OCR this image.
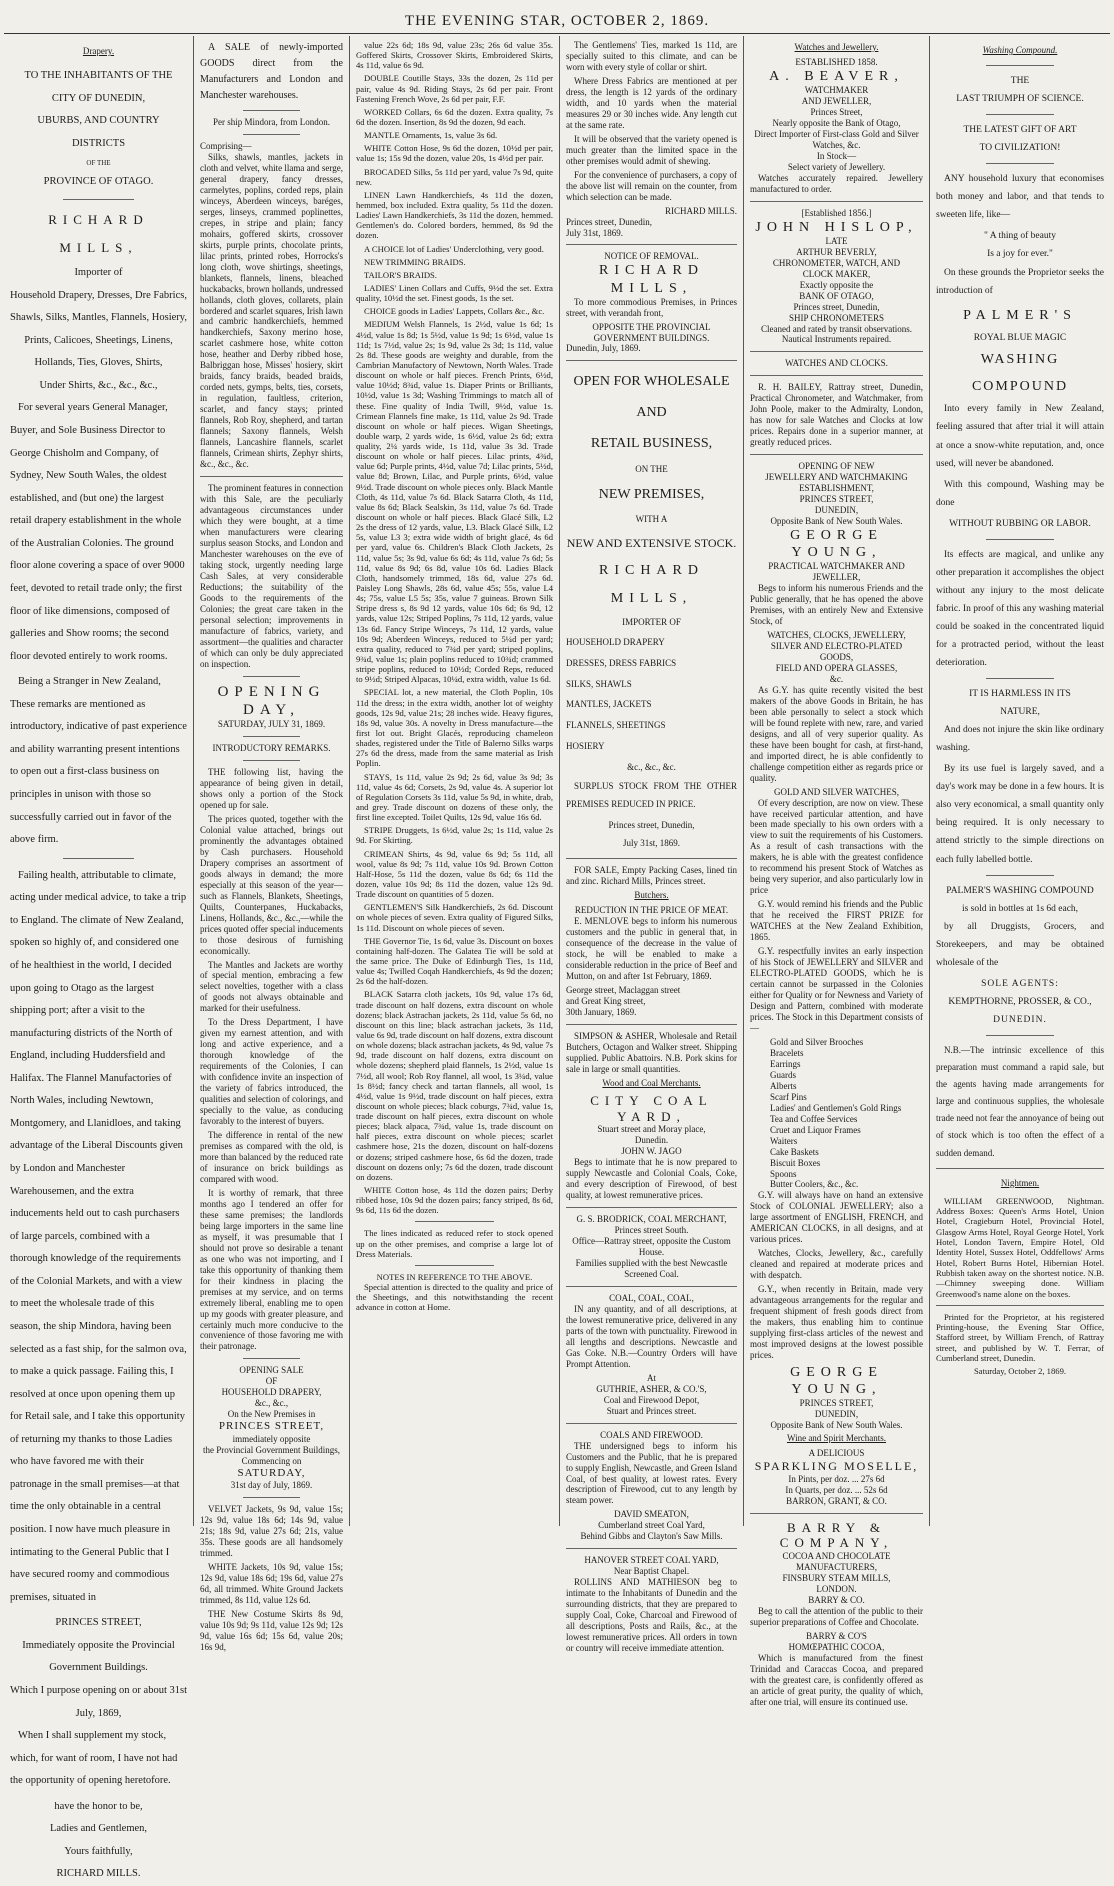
THE EVENING STAR, OCTOBER 2, 1869.
Drapery.
TO THE INHABITANTS OF THE
CITY OF DUNEDIN,
UBURBS, AND COUNTRY DISTRICTS
OF THE
PROVINCE OF OTAGO.
RICHARD MILLS,
Importer of
Household Drapery, Dresses, Dre Fabrics,
Shawls, Silks, Mantles, Flannels, Hosiery,
Prints, Calicoes, Sheetings, Linens,
Hollands, Ties, Gloves, Shirts,
Under Shirts, &c., &c., &c.,
For several years General Manager, Buyer, and Sole Business Director to George Chisholm and Company, of Sydney, New South Wales, the oldest established, and (but one) the largest retail drapery establishment in the whole of the Australian Colonies. The ground floor alone covering a space of over 9000 feet, devoted to retail trade only; the first floor of like dimensions, composed of galleries and Show rooms; the second floor devoted entirely to work rooms.
Being a Stranger in New Zealand, These remarks are mentioned as introductory, indicative of past experience and ability warranting present intentions to open out a first-class business on principles in unison with those so successfully carried out in favor of the above firm.
Failing health, attributable to climate, acting under medical advice, to take a trip to England. The climate of New Zealand, spoken so highly of, and considered one of he healthiest in the world, I decided upon going to Otago as the largest shipping port; after a visit to the manufacturing districts of the North of England, including Huddersfield and Halifax. The Flannel Manufactories of North Wales, including Newtown, Montgomery, and Llanidloes, and taking advantage of the Liberal Discounts given by London and Manchester Warehousemen, and the extra inducements held out to cash purchasers of large parcels, combined with a thorough knowledge of the requirements of the Colonial Markets, and with a view to meet the wholesale trade of this season, the ship Mindora, having been selected as a fast ship, for the salmon ova, to make a quick passage. Failing this, I resolved at once upon opening them up for Retail sale, and I take this opportunity of returning my thanks to those Ladies who have favored me with their patronage in the small premises—at that time the only obtainable in a central position. I now have much pleasure in intimating to the General Public that I have secured roomy and commodious premises, situated in
PRINCES STREET,
Immediately opposite the Provincial Government Buildings.
Which I purpose opening on or about 31st July, 1869,
When I shall supplement my stock, which, for want of room, I have not had the opportunity of opening heretofore.
have the honor to be,
Ladies and Gentlemen,
Yours faithfully,
RICHARD MILLS.
A SALE of newly-imported GOODS direct from the Manufacturers and London and Manchester warehouses.
Per ship Mindora, from London.
Comprising—
Silks, shawls, mantles, jackets in cloth and velvet, white llama and serge, general drapery, fancy dresses, carmelytes, poplins, corded reps, plain winceys, Aberdeen winceys, baréges, serges, linseys, crammed poplinettes, crepes, in stripe and plain; fancy mohairs, goffered skirts, crossover skirts, purple prints, chocolate prints, lilac prints, printed robes, Horrocks's long cloth, wove shirtings, sheetings, blankets, flannels, linens, bleached huckabacks, brown hollands, undressed hollands, cloth gloves, collarets, plain bordered and scarlet squares, Irish lawn and cambric handkerchiefs, hemmed handkerchiefs, Saxony merino hose, scarlet cashmere hose, white cotton hose, heather and Derby ribbed hose, Balbriggan hose, Misses' hosiery, skirt braids, fancy braids, beaded braids, corded nets, gymps, belts, ties, corsets, in regulation, faultless, criterion, scarlet, and fancy stays; printed flannels, Rob Roy, shepherd, and tartan flannels; Saxony flannels, Welsh flannels, Lancashire flannels, scarlet flannels, Crimean shirts, Zephyr shirts, &c., &c., &c.
The prominent features in connection with this Sale, are the peculiarly advantageous circumstances under which they were bought, at a time when manufacturers were clearing surplus season Stocks, and London and Manchester warehouses on the eve of taking stock, urgently needing large Cash Sales, at very considerable Reductions; the suitability of the Goods to the requirements of the Colonies; the great care taken in the personal selection; improvements in manufacture of fabrics, variety, and assortment—the qualities and character of which can only be duly appreciated on inspection.
OPENING DAY,
SATURDAY, JULY 31, 1869.
INTRODUCTORY REMARKS.
THE following list, having the appearance of being given in detail, shows only a portion of the Stock opened up for sale.
The prices quoted, together with the Colonial value attached, brings out prominently the advantages obtained by Cash purchasers. Household Drapery comprises an assortment of goods always in demand; the more especially at this season of the year—such as Flannels, Blankets, Sheetings, Quilts, Counterpanes, Huckabacks, Linens, Hollands, &c., &c.,—while the prices quoted offer special inducements to those desirous of furnishing economically.
The Mantles and Jackets are worthy of special mention, embracing a few select novelties, together with a class of goods not always obtainable and marked for their usefulness.
To the Dress Department, I have given my earnest attention, and with long and active experience, and a thorough knowledge of the requirements of the Colonies, I can with confidence invite an inspection of the variety of fabrics introduced, the qualities and selection of colorings, and specially to the value, as conducing favorably to the interest of buyers.
The difference in rental of the new premises as compared with the old, is more than balanced by the reduced rate of insurance on brick buildings as compared with wood.
It is worthy of remark, that three months ago I tendered an offer for these same premises; the landlords being large importers in the same line as myself, it was presumable that I should not prove so desirable a tenant as one who was not importing, and I take this opportunity of thanking them for their kindness in placing the premises at my service, and on terms extremely liberal, enabling me to open up my goods with greater pleasure, and certainly much more conducive to the convenience of those favoring me with their patronage.
OPENING SALE
OF
HOUSEHOLD DRAPERY,
&c., &c.,
On the New Premises in
PRINCES STREET,
immediately opposite
the Provincial Government Buildings,
Commencing on
SATURDAY,
31st day of July, 1869.
VELVET Jackets, 9s 9d, value 15s; 12s 9d, value 18s 6d; 14s 9d, value 21s; 18s 9d, value 27s 6d; 21s, value 35s. These goods are all handsomely trimmed.
WHITE Jackets, 10s 9d, value 15s; 12s 9d, value 18s 6d; 19s 6d, value 27s 6d, all trimmed. White Ground Jackets trimmed, 8s 11d, value 12s 6d.
THE New Costume Skirts 8s 9d, value 10s 9d; 9s 11d, value 12s 9d; 12s 9d, value 16s 6d; 15s 6d, value 20s; 16s 9d,
value 22s 6d; 18s 9d, value 23s; 26s 6d value 35s. Goffered Skirts, Crossover Skirts, Embroidered Skirts, 4s 11d, value 6s 9d.
DOUBLE Coutille Stays, 33s the dozen, 2s 11d per pair, value 4s 9d. Riding Stays, 2s 6d per pair. Front Fastening French Wove, 2s 6d per pair, F.F.
WORKED Collars, 6s 6d the dozen. Extra quality, 7s 6d the dozen. Insertion, 8s 9d the dozen, 9d each.
MANTLE Ornaments, 1s, value 3s 6d.
WHITE Cotton Hose, 9s 6d the dozen, 10½d per pair, value 1s; 15s 9d the dozen, value 20s, 1s 4½d per pair.
BROCADED Silks, 5s 11d per yard, value 7s 9d, quite new.
LINEN Lawn Handkerchiefs, 4s 11d the dozen, hemmed, box included. Extra quality, 5s 11d the dozen. Ladies' Lawn Handkerchiefs, 3s 11d the dozen, hemmed. Gentlemen's do. Colored borders, hemmed, 8s 9d the dozen.
A CHOICE lot of Ladies' Underclothing, very good.
NEW TRIMMING BRAIDS.
TAILOR'S BRAIDS.
LADIES' Linen Collars and Cuffs, 9½d the set. Extra quality, 10½d the set. Finest goods, 1s the set.
CHOICE goods in Ladies' Lappets, Collars &c., &c.
MEDIUM Welsh Flannels, 1s 2½d, value 1s 6d; 1s 4½d, value 1s 8d; 1s 5½d, value 1s 9d; 1s 6½d, value 1s 11d; 1s 7½d, value 2s; 1s 9d, value 2s 3d; 1s 11d, value 2s 8d. These goods are weighty and durable, from the Cambrian Manufactory of Newtown, North Wales. Trade discount on whole or half pieces. French Prints, 6½d, value 10½d; 8¾d, value 1s. Diaper Prints or Brilliants, 10½d, value 1s 3d; Washing Trimmings to match all of these. Fine quality of India Twill, 9½d, value 1s. Crimean Flannels fine make, 1s 11d, value 2s 9d. Trade discount on whole or half pieces. Wigan Sheetings, double warp, 2 yards wide, 1s 6½d, value 2s 6d; extra quality, 2¼ yards wide, 1s 11d, value 3s 3d. Trade discount on whole or half pieces. Lilac prints, 4¾d, value 6d; Purple prints, 4½d, value 7d; Lilac prints, 5½d, value 8d; Brown, Lilac, and Purple prints, 6½d, value 9½d. Trade discount on whole pieces only. Black Mantle Cloth, 4s 11d, value 7s 6d. Black Satarra Cloth, 4s 11d, value 8s 6d; Black Sealskin, 3s 11d, value 7s 6d. Trade discount on whole or half pieces. Black Glacé Silk, L2 2s the dress of 12 yards, value, L3. Black Glacé Silk, L2 5s, value L3 3; extra wide width of bright glacé, 4s 6d per yard, value 6s. Children's Black Cloth Jackets, 2s 11d, value 5s; 3s 9d, value 6s 6d; 4s 11d, value 7s 6d; 5s 11d, value 8s 9d; 6s 8d, value 10s 6d. Ladies Black Cloth, handsomely trimmed, 18s 6d, value 27s 6d. Paisley Long Shawls, 28s 6d, value 45s; 55s, value L4 4s; 75s, value L5 5s; 35s, value 7 guineas. Brown Silk Stripe dress s, 8s 9d 12 yards, value 10s 6d; 6s 9d, 12 yards, value 12s; Striped Poplins, 7s 11d, 12 yards, value 13s 6d. Fancy Stripe Winceys, 7s 11d, 12 yards, value 10s 9d; Aberdeen Winceys, reduced to 5¼d per yard; extra quality, reduced to 7¾d per yard; striped poplins, 9¾d, value 1s; plain poplins reduced to 10¾d; crammed stripe poplins, reduced to 10½d; Corded Reps, reduced to 9½d; Striped Alpacas, 10¼d, extra width, value 1s 6d.
SPECIAL lot, a new material, the Cloth Poplin, 10s 11d the dress; in the extra width, another lot of weighty goods, 12s 9d, value 21s; 28 inches wide. Heavy figures, 18s 9d, value 30s. A novelty in Dress manufacture—the first lot out. Bright Glacés, reproducing chameleon shades, registered under the Title of Balerno Silks warps 27s 6d the dress, made from the same material as Irish Poplin.
STAYS, 1s 11d, value 2s 9d; 2s 6d, value 3s 9d; 3s 11d, value 4s 6d; Corsets, 2s 9d, value 4s. A superior lot of Regulation Corsets 3s 11d, value 5s 9d, in white, drab, and grey. Trade discount on dozens of these only, the first line excepted. Toilet Quilts, 12s 9d, value 16s 6d.
STRIPE Druggets, 1s 6½d, value 2s; 1s 11d, value 2s 9d. For Skirting.
CRIMEAN Shirts, 4s 9d, value 6s 9d; 5s 11d, all wool, value 8s 9d; 7s 11d, value 10s 9d. Brown Cotton Half-Hose, 5s 11d the dozen, value 8s 6d; 6s 11d the dozen, value 10s 9d; 8s 11d the dozen, value 12s 9d. Trade discount on quantities of 5 dozen.
GENTLEMEN'S Silk Handkerchiefs, 2s 6d. Discount on whole pieces of seven. Extra quality of Figured Silks, 1s 11d. Discount on whole pieces of seven.
THE Governor Tie, 1s 6d, value 3s. Discount on boxes containing half-dozen. The Galatea Tie will be sold at the same price. The Duke of Edinburgh Ties, 1s 11d, value 4s; Twilled Coqah Handkerchiefs, 4s 9d the dozen; 2s 6d the half-dozen.
BLACK Satarra cloth jackets, 10s 9d, value 17s 6d, trade discount on half dozens, extra discount on whole dozens; black Astrachan jackets, 2s 11d, value 5s 6d, no discount on this line; black astrachan jackets, 3s 11d, value 6s 9d, trade discount on half dozens, extra discount on whole dozens; black astrachan jackets, 4s 9d, value 7s 9d, trade discount on half dozens, extra discount on whole dozens; shepherd plaid flannels, 1s 2½d, value 1s 7½d, all wool; Rob Roy flannel, all wool, 1s 3¼d, value 1s 8½d; fancy check and tartan flannels, all wool, 1s 4½d, value 1s 9½d, trade discount on half pieces, extra discount on whole pieces; black coburgs, 7¾d, value 1s, trade discount on half pieces, extra discount on whole pieces; black alpaca, 7¾d, value 1s, trade discount on half pieces, extra discount on whole pieces; scarlet cashmere hose, 21s the dozen, discount on half-dozens or dozens; striped cashmere hose, 6s 6d the dozen, trade discount on dozens only; 7s 6d the dozen, trade discount on dozens.
WHITE Cotton hose, 4s 11d the dozen pairs; Derby ribbed hose, 10s 9d the dozen pairs; fancy striped, 8s 6d, 9s 6d, 11s 6d the dozen.
The lines indicated as reduced refer to stock opened up on the other premises, and comprise a large lot of Dress Materials.
NOTES IN REFERENCE TO THE ABOVE.
Special attention is directed to the quality and price of the Sheetings, and this notwithstanding the recent advance in cotton at Home.
The Gentlemens' Ties, marked 1s 11d, are specially suited to this climate, and can be worn with every style of collar or shirt.
Where Dress Fabrics are mentioned at per dress, the length is 12 yards of the ordinary width, and 10 yards when the material measures 29 or 30 inches wide. Any length cut at the same rate.
It will be observed that the variety opened is much greater than the limited space in the other premises would admit of shewing.
For the convenience of purchasers, a copy of the above list will remain on the counter, from which selection can be made.
RICHARD MILLS.
Princes street, Dunedin,
July 31st, 1869.
NOTICE OF REMOVAL.
RICHARD MILLS,
To more commodious Premises, in Princes street, with verandah front,
OPPOSITE THE PROVINCIAL GOVERNMENT BUILDINGS.
Dunedin, July, 1869.
OPEN FOR WHOLESALE AND
RETAIL BUSINESS,
ON THE
NEW PREMISES,
WITH A
NEW AND EXTENSIVE STOCK.
RICHARD MILLS,
IMPORTER OF
HOUSEHOLD DRAPERY
DRESSES, DRESS FABRICS
SILKS, SHAWLS
MANTLES, JACKETS
FLANNELS, SHEETINGS
HOSIERY
&c., &c., &c.
SURPLUS STOCK FROM THE OTHER PREMISES REDUCED IN PRICE.
Princes street, Dunedin,
July 31st, 1869.
FOR SALE, Empty Packing Cases, lined tin and zinc. Richard Mills, Princes street.
Butchers.
REDUCTION IN THE PRICE OF MEAT.
E. MENLOVE begs to inform his numerous customers and the public in general that, in consequence of the decrease in the value of stock, he will be enabled to make a considerable reduction in the price of Beef and Mutton, on and after 1st February, 1869.
George street, Maclaggan street
and Great King street,
30th January, 1869.
SIMPSON & ASHER, Wholesale and Retail Butchers, Octagon and Walker street. Shipping supplied. Public Abattoirs. N.B. Pork skins for sale in large or small quantities.
Wood and Coal Merchants.
CITY COAL YARD,
Stuart street and Moray place,
Dunedin.
JOHN W. JAGO
Begs to intimate that he is now prepared to supply Newcastle and Colonial Coals, Coke, and every description of Firewood, of best quality, at lowest remunerative prices.
G. S. BRODRICK, COAL MERCHANT,
Princes street South.
Office—Rattray street, opposite the Custom House.
Families supplied with the best Newcastle Screened Coal.
COAL, COAL, COAL,
IN any quantity, and of all descriptions, at the lowest remunerative price, delivered in any parts of the town with punctuality. Firewood in all lengths and descriptions. Newcastle and Gas Coke. N.B.—Country Orders will have Prompt Attention.
At
GUTHRIE, ASHER, & CO.'S,
Coal and Firewood Depot,
Stuart and Princes street.
COALS AND FIREWOOD.
THE undersigned begs to inform his Customers and the Public, that he is prepared to supply English, Newcastle, and Green Island Coal, of best quality, at lowest rates. Every description of Firewood, cut to any length by steam power.
DAVID SMEATON,
Cumberland street Coal Yard,
Behind Gibbs and Clayton's Saw Mills.
HANOVER STREET COAL YARD,
Near Baptist Chapel.
ROLLINS AND MATHIESON beg to intimate to the Inhabitants of Dunedin and the surrounding districts, that they are prepared to supply Coal, Coke, Charcoal and Firewood of all descriptions, Posts and Rails, &c., at the lowest remunerative prices. All orders in town or country will receive immediate attention.
Watches and Jewellery.
ESTABLISHED 1858.
A. BEAVER,
WATCHMAKER
AND JEWELLER,
Princes Street,
Nearly opposite the Bank of Otago,
Direct Importer of First-class Gold and Silver Watches, &c.
In Stock—
Select variety of Jewellery.
Watches accurately repaired. Jewellery manufactured to order.
[Established 1856.]
JOHN HISLOP,
LATE
ARTHUR BEVERLY,
CHRONOMETER, WATCH, AND
CLOCK MAKER,
Exactly opposite the
BANK OF OTAGO,
Princes street, Dunedin,
SHIP CHRONOMETERS
Cleaned and rated by transit observations.
Nautical Instruments repaired.
WATCHES AND CLOCKS.
R. H. BAILEY, Rattray street, Dunedin, Practical Chronometer, and Watchmaker, from John Poole, maker to the Admiralty, London, has now for sale Watches and Clocks at low prices. Repairs done in a superior manner, at greatly reduced prices.
OPENING OF NEW
JEWELLERY AND WATCHMAKING
ESTABLISHMENT,
PRINCES STREET,
DUNEDIN,
Opposite Bank of New South Wales.
GEORGE YOUNG,
PRACTICAL WATCHMAKER AND JEWELLER,
Begs to inform his numerous Friends and the Public generally, that he has opened the above Premises, with an entirely New and Extensive Stock, of
WATCHES, CLOCKS, JEWELLERY,
SILVER AND ELECTRO-PLATED
GOODS,
FIELD AND OPERA GLASSES,
&c.
As G.Y. has quite recently visited the best makers of the above Goods in Britain, he has been able personally to select a stock which will be found replete with new, rare, and varied designs, and all of very superior quality. As these have been bought for cash, at first-hand, and imported direct, he is able confidently to challenge competition either as regards price or quality.
GOLD AND SILVER WATCHES,
Of every description, are now on view. These have received particular attention, and have been made specially to his own orders with a view to suit the requirements of his Customers. As a result of cash transactions with the makers, he is able with the greatest confidence to recommend his present Stock of Watches as being very superior, and also particularly low in price
G.Y. would remind his friends and the Public that he received the FIRST PRIZE for WATCHES at the New Zealand Exhibition, 1865.
G.Y. respectfully invites an early inspection of his Stock of JEWELLERY and SILVER and ELECTRO-PLATED GOODS, which he is certain cannot be surpassed in the Colonies either for Quality or for Newness and Variety of Design and Pattern, combined with moderate prices. The Stock in this Department consists of—
Gold and Silver Brooches
Bracelets
Earrings
Guards
Alberts
Scarf Pins
Ladies' and Gentlemen's Gold Rings
Tea and Coffee Services
Cruet and Liquor Frames
Waiters
Cake Baskets
Biscuit Boxes
Spoons
Butter Coolers, &c., &c.
G.Y. will always have on hand an extensive Stock of COLONIAL JEWELLERY; also a large assortment of ENGLISH, FRENCH, and AMERICAN CLOCKS, in all designs, and at various prices.
Watches, Clocks, Jewellery, &c., carefully cleaned and repaired at moderate prices and with despatch.
G.Y., when recently in Britain, made very advantageous arrangements for the regular and frequent shipment of fresh goods direct from the makers, thus enabling him to continue supplying first-class articles of the newest and most improved designs at the lowest possible prices.
GEORGE YOUNG,
PRINCES STREET,
DUNEDIN,
Opposite Bank of New South Wales.
Wine and Spirit Merchants.
A DELICIOUS
SPARKLING MOSELLE,
In Pints, per doz. ... 27s 6d
In Quarts, per doz. ... 52s 6d
BARRON, GRANT, & CO.
BARRY & COMPANY,
COCOA AND CHOCOLATE
MANUFACTURERS,
FINSBURY STEAM MILLS,
LONDON.
BARRY & CO.
Beg to call the attention of the public to their superior preparations of Coffee and Chocolate.
BARRY & CO'S
HOMŒPATHIC COCOA,
Which is manufactured from the finest Trinidad and Caraccas Cocoa, and prepared with the greatest care, is confidently offered as an article of great purity, the quality of which, after one trial, will ensure its continued use.
Washing Compound.
THE
LAST TRIUMPH OF SCIENCE.
THE LATEST GIFT OF ART
TO CIVILIZATION!
ANY household luxury that economises both money and labor, and that tends to sweeten life, like—
" A thing of beauty
Is a joy for ever."
On these grounds the Proprietor seeks the introduction of
PALMER'S
ROYAL BLUE MAGIC
WASHING COMPOUND
Into every family in New Zealand, feeling assured that after trial it will attain at once a snow-white reputation, and, once used, will never be abandoned.
With this compound, Washing may be done
WITHOUT RUBBING OR LABOR.
Its effects are magical, and unlike any other preparation it accomplishes the object without any injury to the most delicate fabric. In proof of this any washing material could be soaked in the concentrated liquid for a protracted period, without the least deterioration.
IT IS HARMLESS IN ITS
NATURE,
And does not injure the skin like ordinary washing.
By its use fuel is largely saved, and a day's work may be done in a few hours. It is also very economical, a small quantity only being required. It is only necessary to attend strictly to the simple directions on each fully labelled bottle.
PALMER'S WASHING COMPOUND
is sold in bottles at 1s 6d each,
by all Druggists, Grocers, and Storekeepers, and may be obtained wholesale of the
SOLE AGENTS:
KEMPTHORNE, PROSSER, & CO.,
DUNEDIN.
N.B.—The intrinsic excellence of this preparation must command a rapid sale, but the agents having made arrangements for large and continuous supplies, the wholesale trade need not fear the annoyance of being out of stock which is too often the effect of a sudden demand.
Nightmen.
WILLIAM GREENWOOD, Nightman. Address Boxes: Queen's Arms Hotel, Union Hotel, Cragieburn Hotel, Provincial Hotel, Glasgow Arms Hotel, Royal George Hotel, York Hotel, London Tavern, Empire Hotel, Old Identity Hotel, Sussex Hotel, Oddfellows' Arms Hotel, Robert Burns Hotel, Hibernian Hotel. Rubbish taken away on the shortest notice. N.B.—Chimney sweeping done. William Greenwood's name alone on the boxes.
Printed for the Proprietor, at his registered Printing-house, the Evening Star Office, Stafford street, by William French, of Rattray street, and published by W. T. Ferrar, of Cumberland street, Dunedin.
Saturday, October 2, 1869.
